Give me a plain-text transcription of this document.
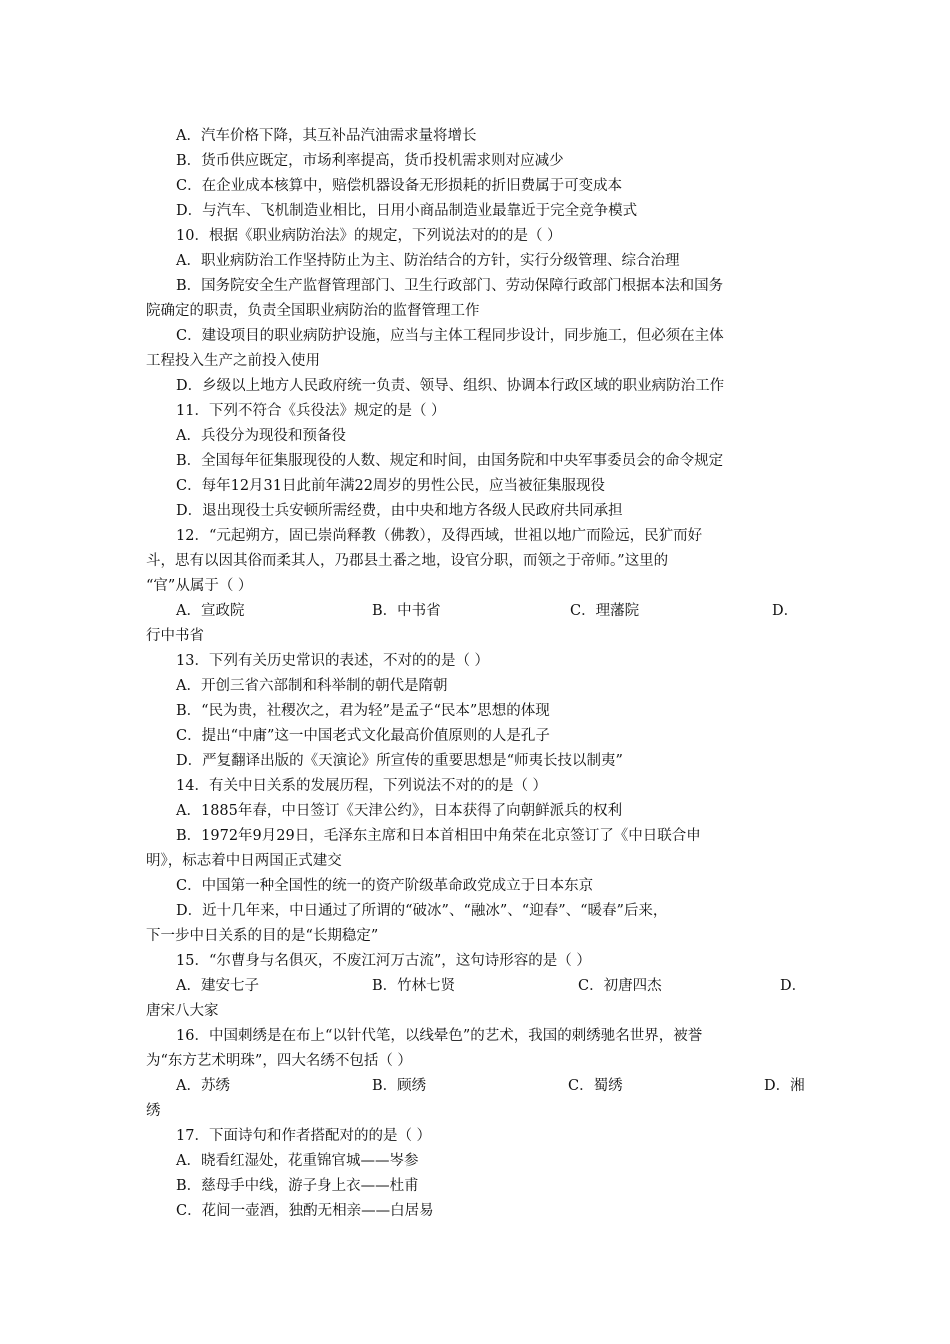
A．汽车价格下降，其互补品汽油需求量将增长
B．货币供应既定，市场利率提高，货币投机需求则对应减少
C．在企业成本核算中，赔偿机器设备无形损耗的折旧费属于可变成本
D．与汽车、飞机制造业相比，日用小商品制造业最靠近于完全竞争模式
10．根据《职业病防治法》的规定，下列说法对的的是（ ）
A．职业病防治工作坚持防止为主、防治结合的方针，实行分级管理、综合治理
B．国务院安全生产监督管理部门、卫生行政部门、劳动保障行政部门根据本法和国务
院确定的职责，负责全国职业病防治的监督管理工作
C．建设项目的职业病防护设施，应当与主体工程同步设计，同步施工，但必须在主体
工程投入生产之前投入使用
D．乡级以上地方人民政府统一负责、领导、组织、协调本行政区域的职业病防治工作
11．下列不符合《兵役法》规定的是（ ）
A．兵役分为现役和预备役
B．全国每年征集服现役的人数、规定和时间，由国务院和中央军事委员会的命令规定
C．每年12月31日此前年满22周岁的男性公民，应当被征集服现役
D．退出现役士兵安顿所需经费，由中央和地方各级人民政府共同承担
12．“元起朔方，固已崇尚释教（佛教），及得西域，世祖以地广而险远，民犷而好
斗，思有以因其俗而柔其人，乃郡县土番之地，设官分职，而领之于帝师。”这里的
“官”从属于（ ）
A．宣政院	B．中书省	C．理藩院	D．
行中书省
13．下列有关历史常识的表述，不对的的是（ ）
A．开创三省六部制和科举制的朝代是隋朝
B．“民为贵，社稷次之，君为轻”是孟子“民本”思想的体现
C．提出“中庸”这一中国老式文化最高价值原则的人是孔子
D．严复翻译出版的《天演论》所宣传的重要思想是“师夷长技以制夷”
14．有关中日关系的发展历程，下列说法不对的的是（ ）
A．1885年春，中日签订《天津公约》，日本获得了向朝鲜派兵的权利
B．1972年9月29日，毛泽东主席和日本首相田中角荣在北京签订了《中日联合申
明》，标志着中日两国正式建交
C．中国第一种全国性的统一的资产阶级革命政党成立于日本东京
D．近十几年来，中日通过了所谓的“破冰”、“融冰”、“迎春”、“暖春”后来，
下一步中日关系的目的是“长期稳定”
15．“尔曹身与名俱灭，不废江河万古流”，这句诗形容的是（ ）
A．建安七子	B．竹林七贤	C．初唐四杰	D．
唐宋八大家
16．中国刺绣是在布上“以针代笔，以线晕色”的艺术，我国的刺绣驰名世界，被誉
为“东方艺术明珠”，四大名绣不包括（ ）
A．苏绣	B．顾绣	C．蜀绣	D．湘
绣
17．下面诗句和作者搭配对的的是（ ）
A．晓看红湿处，花重锦官城——岑参
B．慈母手中线，游子身上衣——杜甫
C．花间一壶酒，独酌无相亲——白居易
